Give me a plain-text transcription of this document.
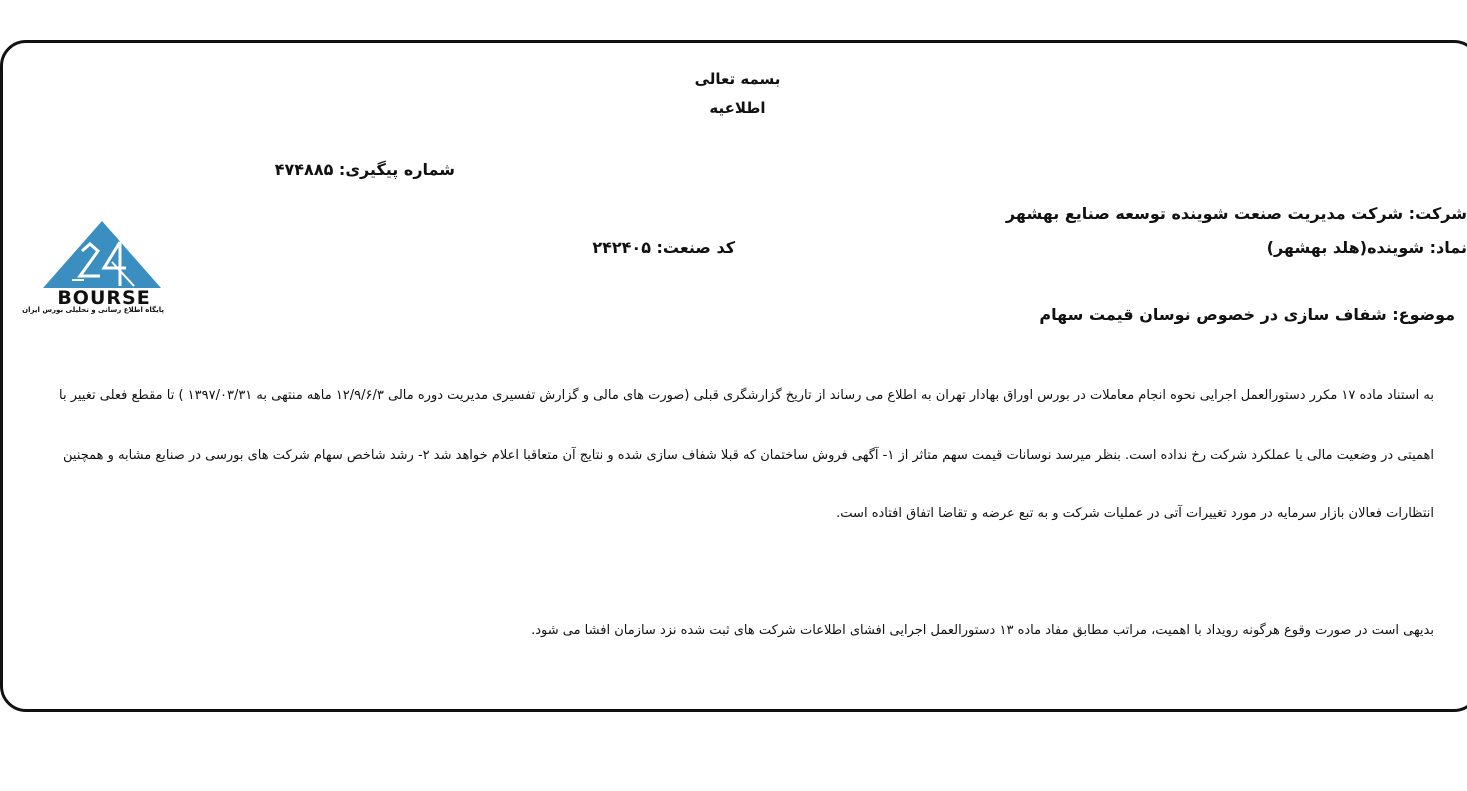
بسمه تعالی
اطلاعیه
شماره پیگیری: ۴۷۴۸۸۵
شرکت: شرکت مدیریت صنعت شوینده توسعه صنایع بهشهر
نماد: شوینده(هلد بهشهر)
کد صنعت: ۲۴۲۴۰۵
موضوع: شفاف سازی در خصوص نوسان قیمت سهام
به استناد ماده ۱۷ مکرر دستورالعمل اجرایی نحوه انجام معاملات در بورس اوراق بهادار تهران به اطلاع می رساند از تاریخ گزارشگری قبلی (صورت های مالی و گزارش تفسیری مدیریت دوره مالی ۱۲/۹/۶/۳ ماهه منتهی به ۱۳۹۷/۰۳/۳۱ ) تا مقطع فعلی تغییر با
اهمیتی در وضعیت مالی یا عملکرد شرکت رخ نداده است. بنظر میرسد نوسانات قیمت سهم متاثر از ۱- آگهی فروش ساختمان که قبلا شفاف سازی شده و نتایج آن متعاقبا اعلام خواهد شد ۲- رشد شاخص سهام شرکت های بورسی در صنایع مشابه و همچنین
انتظارات فعالان بازار سرمایه در مورد تغییرات آتی در عملیات شرکت و به تبع عرضه و تقاضا اتفاق افتاده است.
بدیهی است در صورت وقوع هرگونه رویداد با اهمیت، مراتب مطابق مفاد ماده ۱۳ دستورالعمل اجرایی افشای اطلاعات شرکت های ثبت شده نزد سازمان افشا می شود.
BOURSE
پایگاه اطلاع رسانی و تحلیلی بورس ایران
